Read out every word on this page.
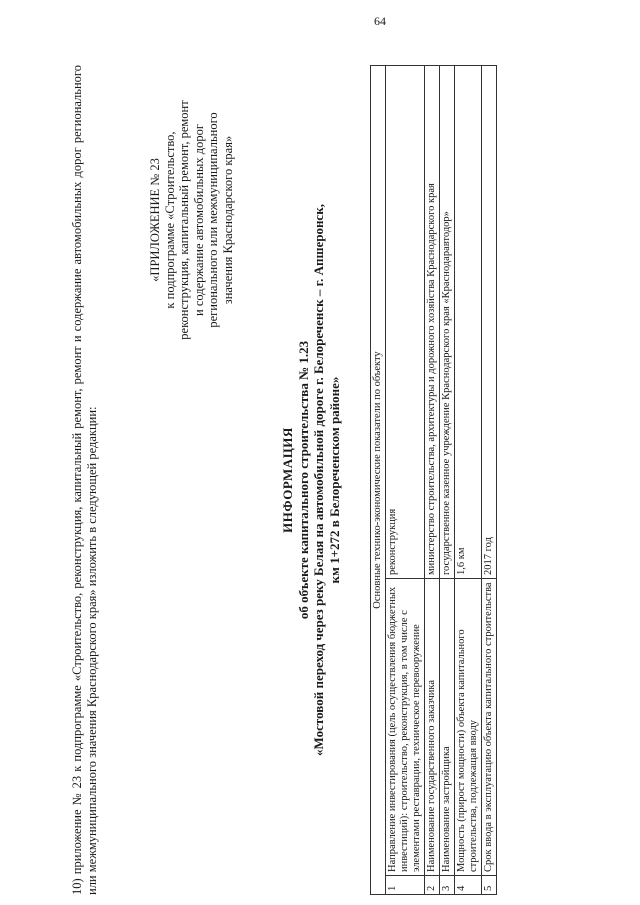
64
10) приложение № 23 к подпрограмме «Строительство, реконструкция, капитальный ремонт, ремонт и содержание автомобильных дорог регионального или межмуниципального значения Краснодарского края» изложить в следующей редакции:
«ПРИЛОЖЕНИЕ № 23 к подпрограмме «Строительство, реконструкция, капитальный ремонт, ремонт и содержание автомобильных дорог регионального или межмуниципального значения Краснодарского края»
ИНФОРМАЦИЯ об объекте капитального строительства № 1.23 «Мостовой переход через реку Белая на автомобильной дороге г. Белореченск – г. Апшеронск, км 1+272 в Белореченском районе»	Основные технико-экономические показатели по объекту		
1	Направление инвестирования (цель осуществления бюджетных инвестиций): строительство, реконструкция, в том числе с элементами реставрации, техническое перевооружение	реконструкция
2	Наименование государственного заказчика	министерство строительства, архитектуры и дорожного хозяйства Краснодарского края
3	Наименование застройщика	государственное казенное учреждение Краснодарского края «Краснодаравтодор»
4	Мощность (прирост мощности) объекта капитального строительства, подлежащая вводу	1,6 км
5	Срок ввода в эксплуатацию объекта капитального строительства	2017 год
